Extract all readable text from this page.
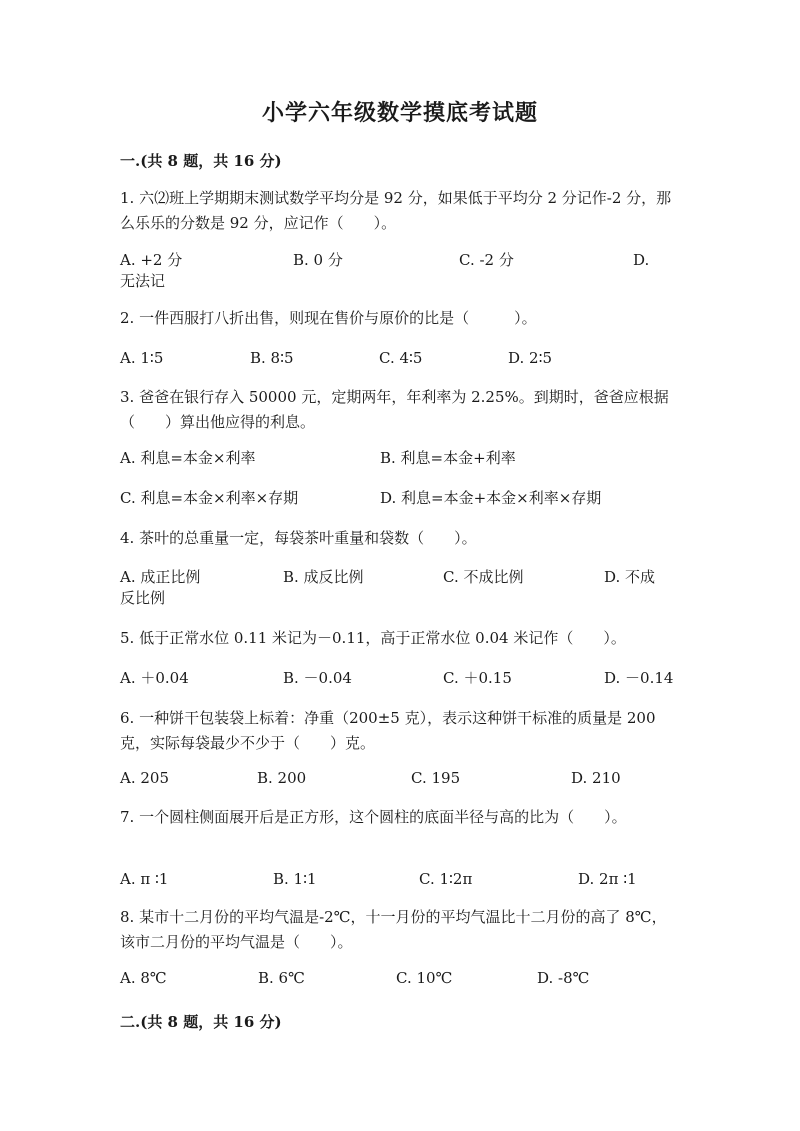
小学六年级数学摸底考试题
一.(共 8 题，共 16 分)
1. 六⑵班上学期期末测试数学平均分是 92 分，如果低于平均分 2 分记作-2 分，那么乐乐的分数是 92 分，应记作（　　）。
A. +2 分	B. 0 分	C. -2 分	D. 无法记
2. 一件西服打八折出售，则现在售价与原价的比是（　　　）。
A. 1∶5	B. 8∶5	C. 4∶5	D. 2∶5
3. 爸爸在银行存入 50000 元，定期两年，年利率为 2.25%。到期时，爸爸应根据（　　）算出他应得的利息。
A. 利息=本金×利率	B. 利息=本金+利率
C. 利息=本金×利率×存期	D. 利息=本金+本金×利率×存期
4. 茶叶的总重量一定，每袋茶叶重量和袋数（　　）。
A. 成正比例	B. 成反比例	C. 不成比例	D. 不成反比例
5. 低于正常水位 0.11 米记为－0.11，高于正常水位 0.04 米记作（　　）。
A. ＋0.04	B. －0.04	C. ＋0.15	D. －0.14
6. 一种饼干包装袋上标着：净重（200±5 克），表示这种饼干标准的质量是 200 克，实际每袋最少不少于（　　）克。
A. 205	B. 200	C. 195	D. 210
7. 一个圆柱侧面展开后是正方形，这个圆柱的底面半径与高的比为（　　）。
A. π ∶1	B. 1∶1	C. 1∶2π	D. 2π ∶1
8. 某市十二月份的平均气温是-2℃，十一月份的平均气温比十二月份的高了 8℃，该市二月份的平均气温是（　　）。
A. 8℃	B. 6℃	C. 10℃	D. -8℃
二.(共 8 题，共 16 分)
